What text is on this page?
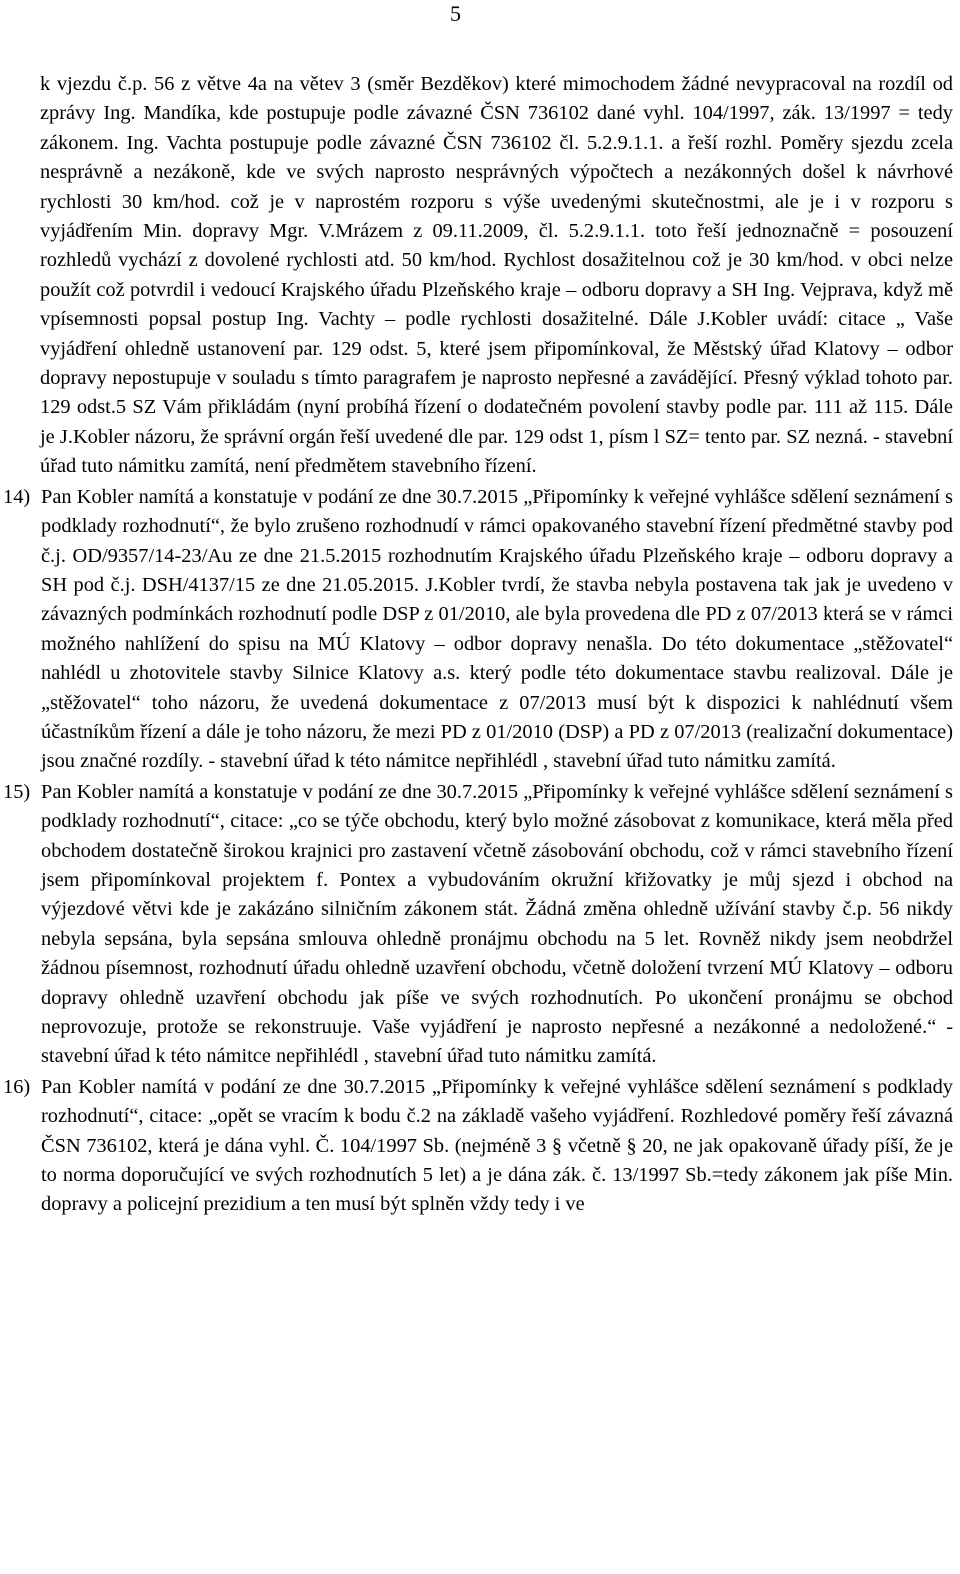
5

k vjezdu č.p. 56 z větve 4a na větev 3 (směr Bezděkov) které mimochodem žádné nevypracoval na rozdíl od zprávy Ing. Mandíka, kde postupuje podle závazné ČSN 736102 dané vyhl. 104/1997, zák. 13/1997 = tedy zákonem. Ing. Vachta postupuje podle závazné ČSN 736102 čl. 5.2.9.1.1. a řeší rozhl. Poměry sjezdu zcela nesprávně a nezákoně, kde ve svých naprosto nesprávných výpočtech a nezákonných došel k návrhové rychlosti 30 km/hod. což je v naprostém rozporu s výše uvedenými skutečnostmi, ale je i v rozporu s vyjádřením Min. dopravy Mgr. V.Mrázem z 09.11.2009, čl. 5.2.9.1.1. toto řeší jednoznačně = posouzení rozhledů vychází z dovolené rychlosti atd. 50 km/hod. Rychlost dosažitelnou což je 30 km/hod. v obci nelze použít což potvrdil i vedoucí Krajského úřadu Plzeňského kraje – odboru dopravy a SH Ing. Vejprava, když mě vpísemnosti popsal postup Ing. Vachty – podle rychlosti dosažitelné. Dále J.Kobler uvádí: citace „ Vaše vyjádření ohledně ustanovení par. 129 odst. 5, které jsem připomínkoval, že Městský úřad Klatovy – odbor dopravy nepostupuje v souladu s tímto paragrafem je naprosto nepřesné a zavádějící. Přesný výklad tohoto par. 129 odst.5 SZ Vám přikládám (nyní probíhá řízení o dodatečném povolení stavby podle par. 111 až 115. Dále je J.Kobler názoru, že správní orgán řeší uvedené dle par. 129 odst 1, písm l SZ= tento par. SZ nezná. - stavební úřad tuto námitku zamítá, není předmětem stavebního řízení.

14) Pan Kobler namítá a konstatuje v podání ze dne 30.7.2015 „Připomínky k veřejné vyhlášce sdělení seznámení s podklady rozhodnutí“, že bylo zrušeno rozhodnudí v rámci opakovaného stavební řízení předmětné stavby pod č.j. OD/9357/14-23/Au ze dne 21.5.2015 rozhodnutím Krajského úřadu Plzeňského kraje – odboru dopravy a SH pod č.j. DSH/4137/15 ze dne 21.05.2015. J.Kobler tvrdí, že stavba nebyla postavena tak jak je uvedeno v závazných podmínkách rozhodnutí podle DSP z 01/2010, ale byla provedena dle PD z 07/2013 která se v rámci možného nahlížení do spisu na MÚ Klatovy – odbor dopravy nenašla. Do této dokumentace „stěžovatel“ nahlédl u zhotovitele stavby Silnice Klatovy a.s. který podle této dokumentace stavbu realizoval. Dále je „stěžovatel“ toho názoru, že uvedená dokumentace z 07/2013 musí být k dispozici k nahlédnutí všem účastníkům řízení a dále je toho názoru, že mezi PD z 01/2010 (DSP) a PD z 07/2013 (realizační dokumentace) jsou značné rozdíly. - stavební úřad k této námitce nepřihlédl , stavební úřad tuto námitku zamítá.

15) Pan Kobler namítá a konstatuje v podání ze dne 30.7.2015 „Připomínky k veřejné vyhlášce sdělení seznámení s podklady rozhodnutí“, citace: „co se týče obchodu, který bylo možné zásobovat z komunikace, která měla před obchodem dostatečně širokou krajnici pro zastavení včetně zásobování obchodu, což v rámci stavebního řízení jsem připomínkoval projektem f. Pontex a vybudováním okružní křižovatky je můj sjezd i obchod na výjezdové větvi kde je zakázáno silničním zákonem stát. Žádná změna ohledně užívání stavby č.p. 56 nikdy nebyla sepsána, byla sepsána smlouva ohledně pronájmu obchodu na 5 let. Rovněž nikdy jsem neobdržel žádnou písemnost, rozhodnutí úřadu ohledně uzavření obchodu, včetně doložení tvrzení MÚ Klatovy – odboru dopravy ohledně uzavření obchodu jak píše ve svých rozhodnutích. Po ukončení pronájmu se obchod neprovozuje, protože se rekonstruuje. Vaše vyjádření je naprosto nepřesné a nezákonné a nedoložené.“ - stavební úřad k této námitce nepřihlédl , stavební úřad tuto námitku zamítá.

16) Pan Kobler namítá v podání ze dne 30.7.2015 „Připomínky k veřejné vyhlášce sdělení seznámení s podklady rozhodnutí“, citace: „opět se vracím k bodu č.2 na základě vašeho vyjádření. Rozhledové poměry řeší závazná ČSN 736102, která je dána vyhl. Č. 104/1997 Sb. (nejméně 3 § včetně § 20, ne jak opakovaně úřady píší, že je to norma doporučující ve svých rozhodnutích 5 let) a je dána zák. č. 13/1997 Sb.=tedy zákonem jak píše Min. dopravy a policejní prezidium a ten musí být splněn vždy tedy i ve
